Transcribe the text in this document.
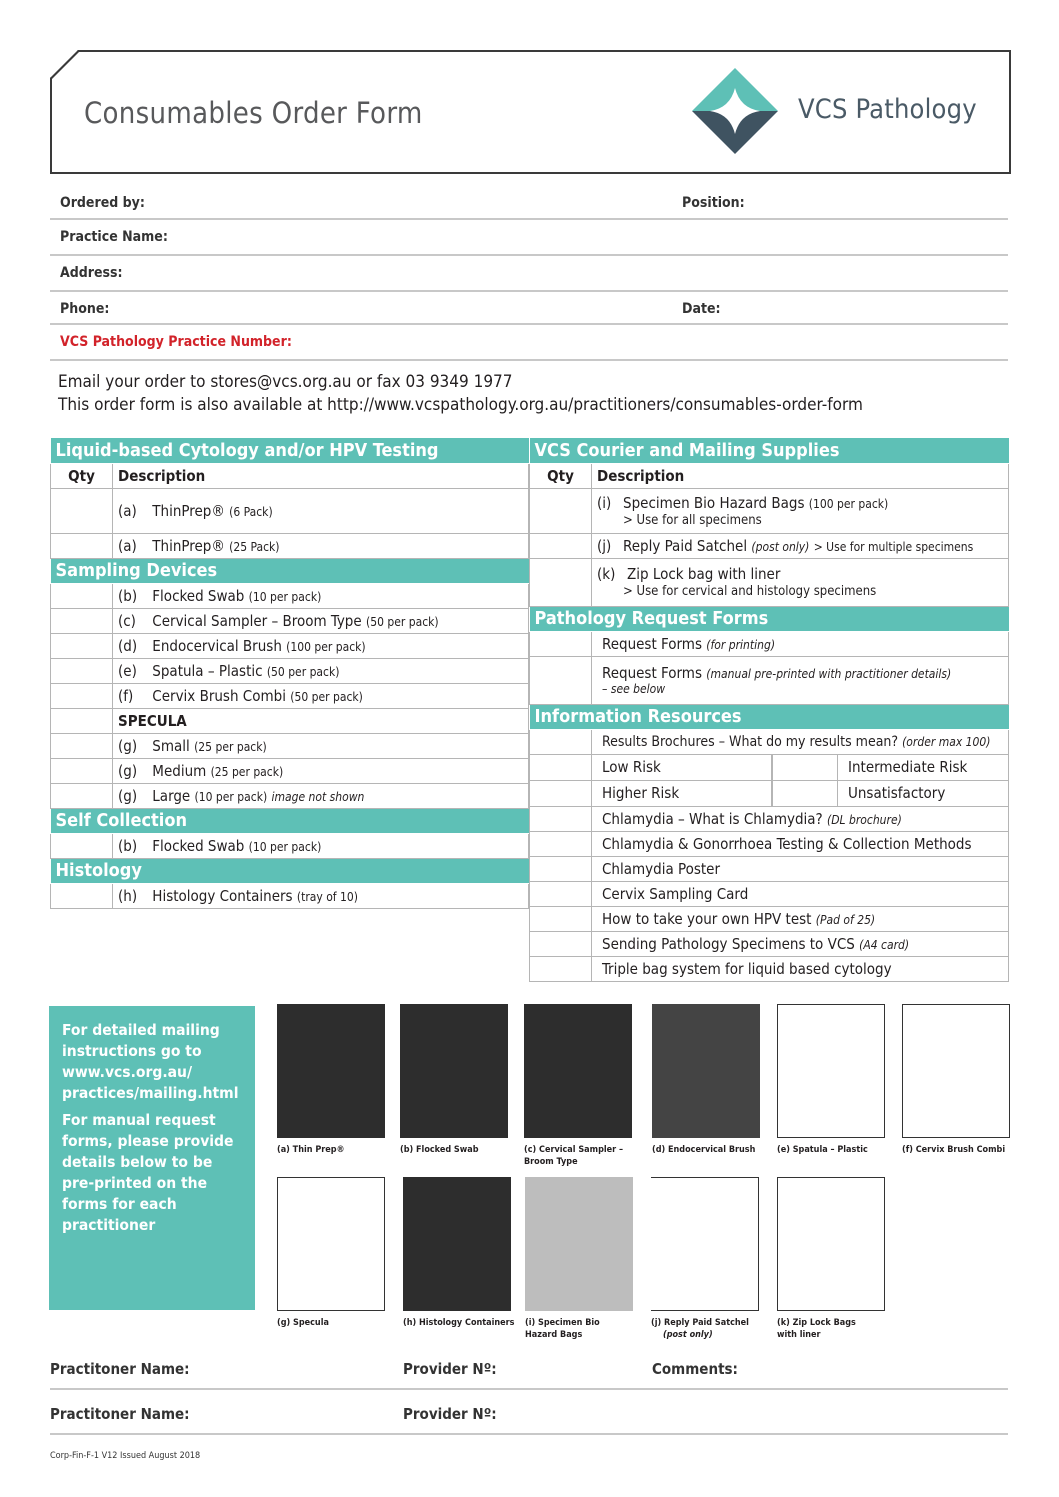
Consumables Order Form	VCS Pathology
Ordered by:	Position:
Practice Name:
Address:
Phone:	Date:
VCS Pathology Practice Number:
Email your order to stores@vcs.org.au or fax 03 9349 1977
This order form is also available at http://www.vcspathology.org.au/practitioners/consumables-order-form
Liquid-based Cytology and/or HPV Testing	
Qty	Description
	(a) ThinPrep® (6 Pack)
	(a) ThinPrep® (25 Pack)
Sampling Devices	
	(b) Flocked Swab (10 per pack)
	(c) Cervical Sampler – Broom Type (50 per pack)
	(d) Endocervical Brush (100 per pack)
	(e) Spatula – Plastic (50 per pack)
	(f) Cervix Brush Combi (50 per pack)
	SPECULA
	(g) Small (25 per pack)
	(g) Medium (25 per pack)
	(g) Large (10 per pack) image not shown
Self Collection	
	(b) Flocked Swab (10 per pack)
Histology	
	(h) Histology Containers (tray of 10)
VCS Courier and Mailing Supplies		
Qty	Description	
	(i) Specimen Bio Hazard Bags (100 per pack)
> Use for all specimens	

	(j) Reply Paid Satchel (post only) > Use for multiple specimens	
	(k) Zip Lock bag with liner
> Use for cervical and histology specimens	

Pathology Request Forms		
	Request Forms (for printing)	
	Request Forms (manual pre-printed with practitioner details)
– see below	

Information Resources		
	Results Brochures – What do my results mean? (order max 100)	
	Low Risk	Intermediate Risk

	Higher Risk	Unsatisfactory

	Chlamydia – What is Chlamydia? (DL brochure)	
	Chlamydia & Gonorrhoea Testing & Collection Methods	
	Chlamydia Poster	
	Cervix Sampling Card	
	How to take your own HPV test (Pad of 25)	
	Sending Pathology Specimens to VCS (A4 card)	
	Triple bag system for liquid based cytology	

For detailed mailing instructions go to
www.vcs.org.au/ practices/mailing.html

For manual request forms, please provide details below to be pre-printed on the forms for each practitioner

(a) Thin Prep®	(b) Flocked Swab	(c) Cervical Sampler – Broom Type
(d) Endocervical Brush (e) Spatula – Plastic	(f) Cervix Brush Combi
(g) Specula	(h) Histology Containers (i) Specimen Bio Hazard Bags
(j) Reply Paid Satchel
(post only)
(k) Zip Lock Bags with liner
Practitoner Name:	Provider Nº:	Comments:
Practitoner Name:	Provider Nº:
Corp-Fin-F-1 V12 Issued August 2018
